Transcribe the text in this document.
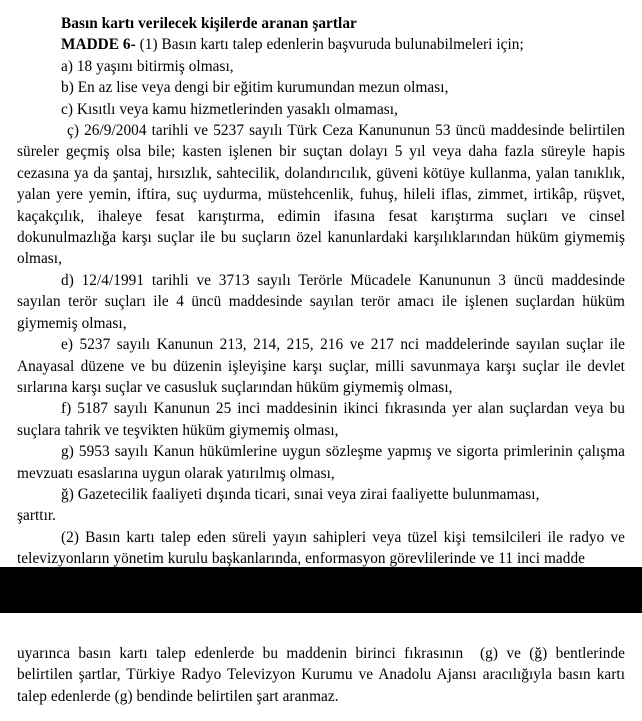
Basın kartı verilecek kişilerde aranan şartlar

MADDE 6- (1) Basın kartı talep edenlerin başvuruda bulunabilmeleri için;

a) 18 yaşını bitirmiş olması,

b) En az lise veya dengi bir eğitim kurumundan mezun olması,

c) Kısıtlı veya kamu hizmetlerinden yasaklı olmaması,

ç) 26/9/2004 tarihli ve 5237 sayılı Türk Ceza Kanununun 53 üncü maddesinde belirtilen süreler geçmiş olsa bile; kasten işlenen bir suçtan dolayı 5 yıl veya daha fazla süreyle hapis cezasına ya da şantaj, hırsızlık, sahtecilik, dolandırıcılık, güveni kötüye kullanma, yalan tanıklık, yalan yere yemin, iftira, suç uydurma, müstehcenlik, fuhuş, hileli iflas, zimmet, irtikâp, rüşvet, kaçakçılık, ihaleye fesat karıştırma, edimin ifasına fesat karıştırma suçları ve cinsel dokunulmazlığa karşı suçlar ile bu suçların özel kanunlardaki karşılıklarından hüküm giymemiş olması,

d) 12/4/1991 tarihli ve 3713 sayılı Terörle Mücadele Kanununun 3 üncü maddesinde sayılan terör suçları ile 4 üncü maddesinde sayılan terör amacı ile işlenen suçlardan hüküm giymemiş olması,

e) 5237 sayılı Kanunun 213, 214, 215, 216 ve 217 nci maddelerinde sayılan suçlar ile Anayasal düzene ve bu düzenin işleyişine karşı suçlar, milli savunmaya karşı suçlar ile devlet sırlarına karşı suçlar ve casusluk suçlarından hüküm giymemiş olması,

f) 5187 sayılı Kanunun 25 inci maddesinin ikinci fıkrasında yer alan suçlardan veya bu suçlara tahrik ve teşvikten hüküm giymemiş olması,

g) 5953 sayılı Kanun hükümlerine uygun sözleşme yapmış ve sigorta primlerinin çalışma mevzuatı esaslarına uygun olarak yatırılmış olması,

ğ) Gazetecilik faaliyeti dışında ticari, sınai veya zirai faaliyette bulunmaması,

şarttır.

(2) Basın kartı talep eden süreli yayın sahipleri veya tüzel kişi temsilcileri ile radyo ve televizyonların yönetim kurulu başkanlarında, enformasyon görevlilerinde ve 11 inci madde

uyarınca basın kartı talep edenlerde bu maddenin birinci fıkrasının  (g) ve (ğ) bentlerinde belirtilen şartlar, Türkiye Radyo Televizyon Kurumu ve Anadolu Ajansı aracılığıyla basın kartı talep edenlerde (g) bendinde belirtilen şart aranmaz.
